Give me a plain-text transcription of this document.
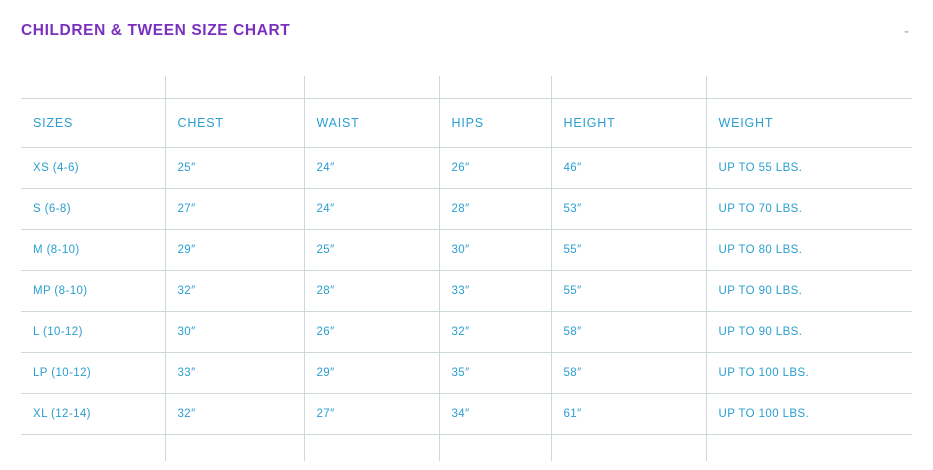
CHILDREN & TWEEN SIZE CHART	-

SIZES	CHEST	WAIST	HIPS	HEIGHT	WEIGHT
XS (4-6)	25″	24″	26″	46″	UP TO 55 LBS.
S (6-8)	27″	24″	28″	53″	UP TO 70 LBS.
M (8-10)	29″	25″	30″	55″	UP TO 80 LBS.
MP (8-10)	32″	28″	33″	55″	UP TO 90 LBS.
L (10-12)	30″	26″	32″	58″	UP TO 90 LBS.
LP (10-12)	33″	29″	35″	58″	UP TO 100 LBS.
XL (12-14)	32″	27″	34″	61″	UP TO 100 LBS.
